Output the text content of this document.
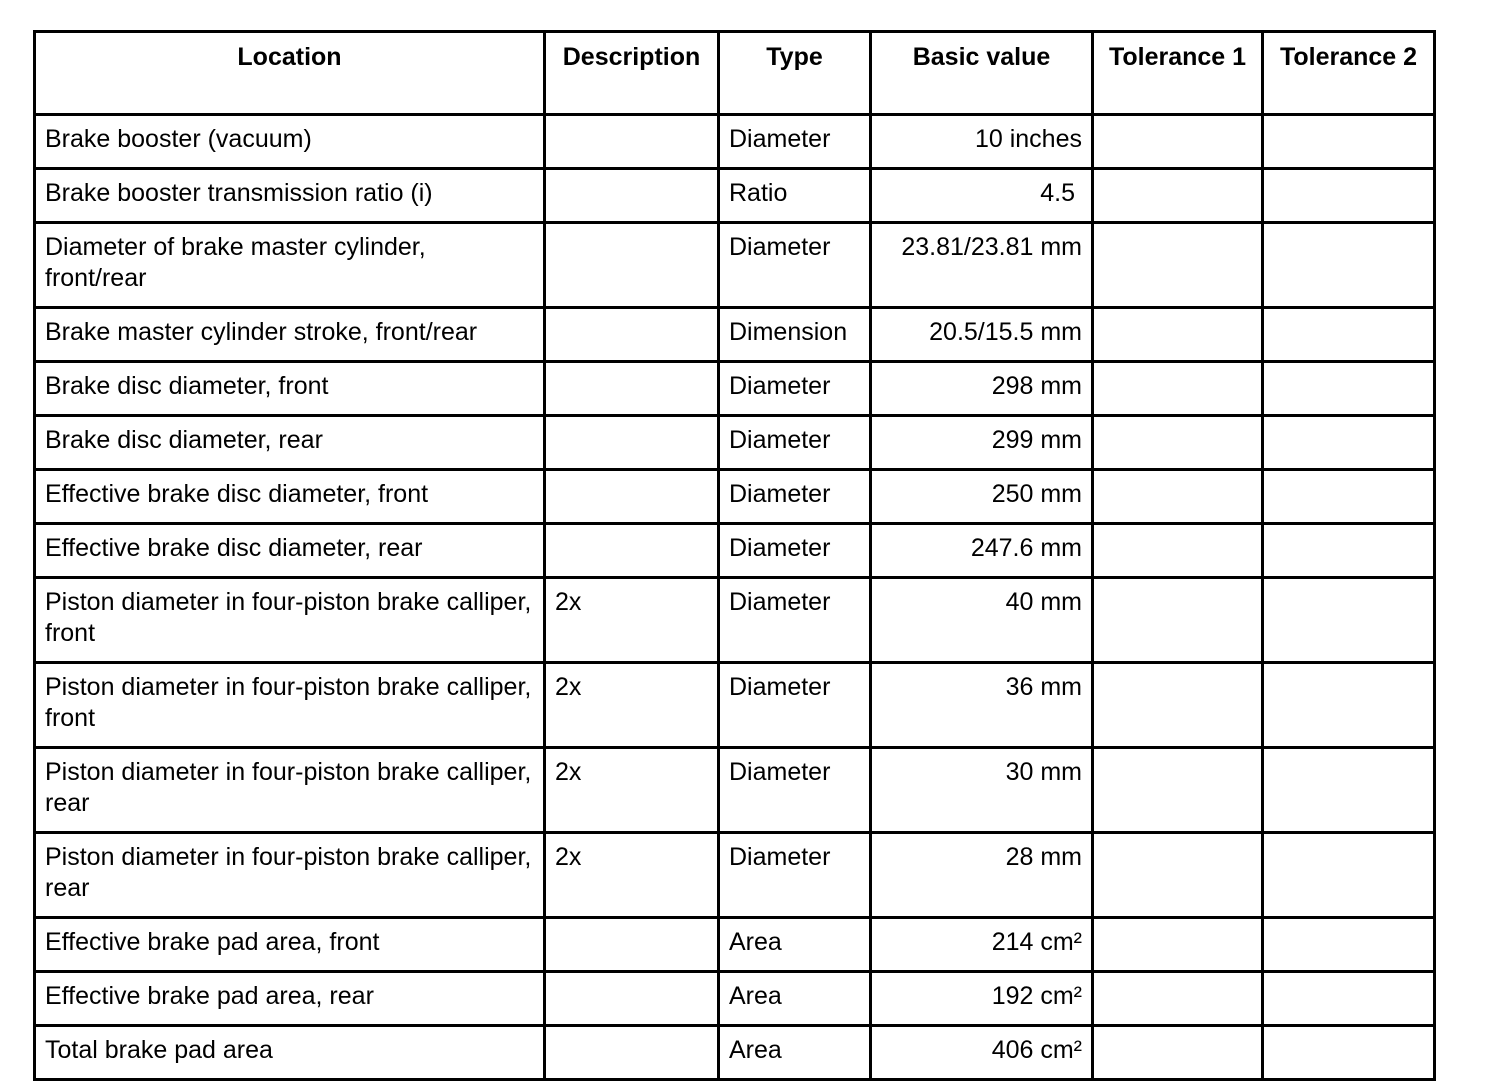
Location	Description	Type	Basic value	Tolerance 1	Tolerance 2
Brake booster (vacuum)		Diameter	10 inches		
Brake booster transmission ratio (i)		Ratio	4.5		
Diameter of brake master cylinder, front/rear		Diameter	23.81/23.81 mm		
Brake master cylinder stroke, front/rear		Dimension	20.5/15.5 mm		
Brake disc diameter, front		Diameter	298 mm		
Brake disc diameter, rear		Diameter	299 mm		
Effective brake disc diameter, front		Diameter	250 mm		
Effective brake disc diameter, rear		Diameter	247.6 mm		
Piston diameter in four-piston brake calliper, front	2x	Diameter	40 mm		
Piston diameter in four-piston brake calliper, front	2x	Diameter	36 mm		
Piston diameter in four-piston brake calliper, rear	2x	Diameter	30 mm		
Piston diameter in four-piston brake calliper, rear	2x	Diameter	28 mm		
Effective brake pad area, front		Area	214 cm²		
Effective brake pad area, rear		Area	192 cm²		
Total brake pad area		Area	406 cm²		
